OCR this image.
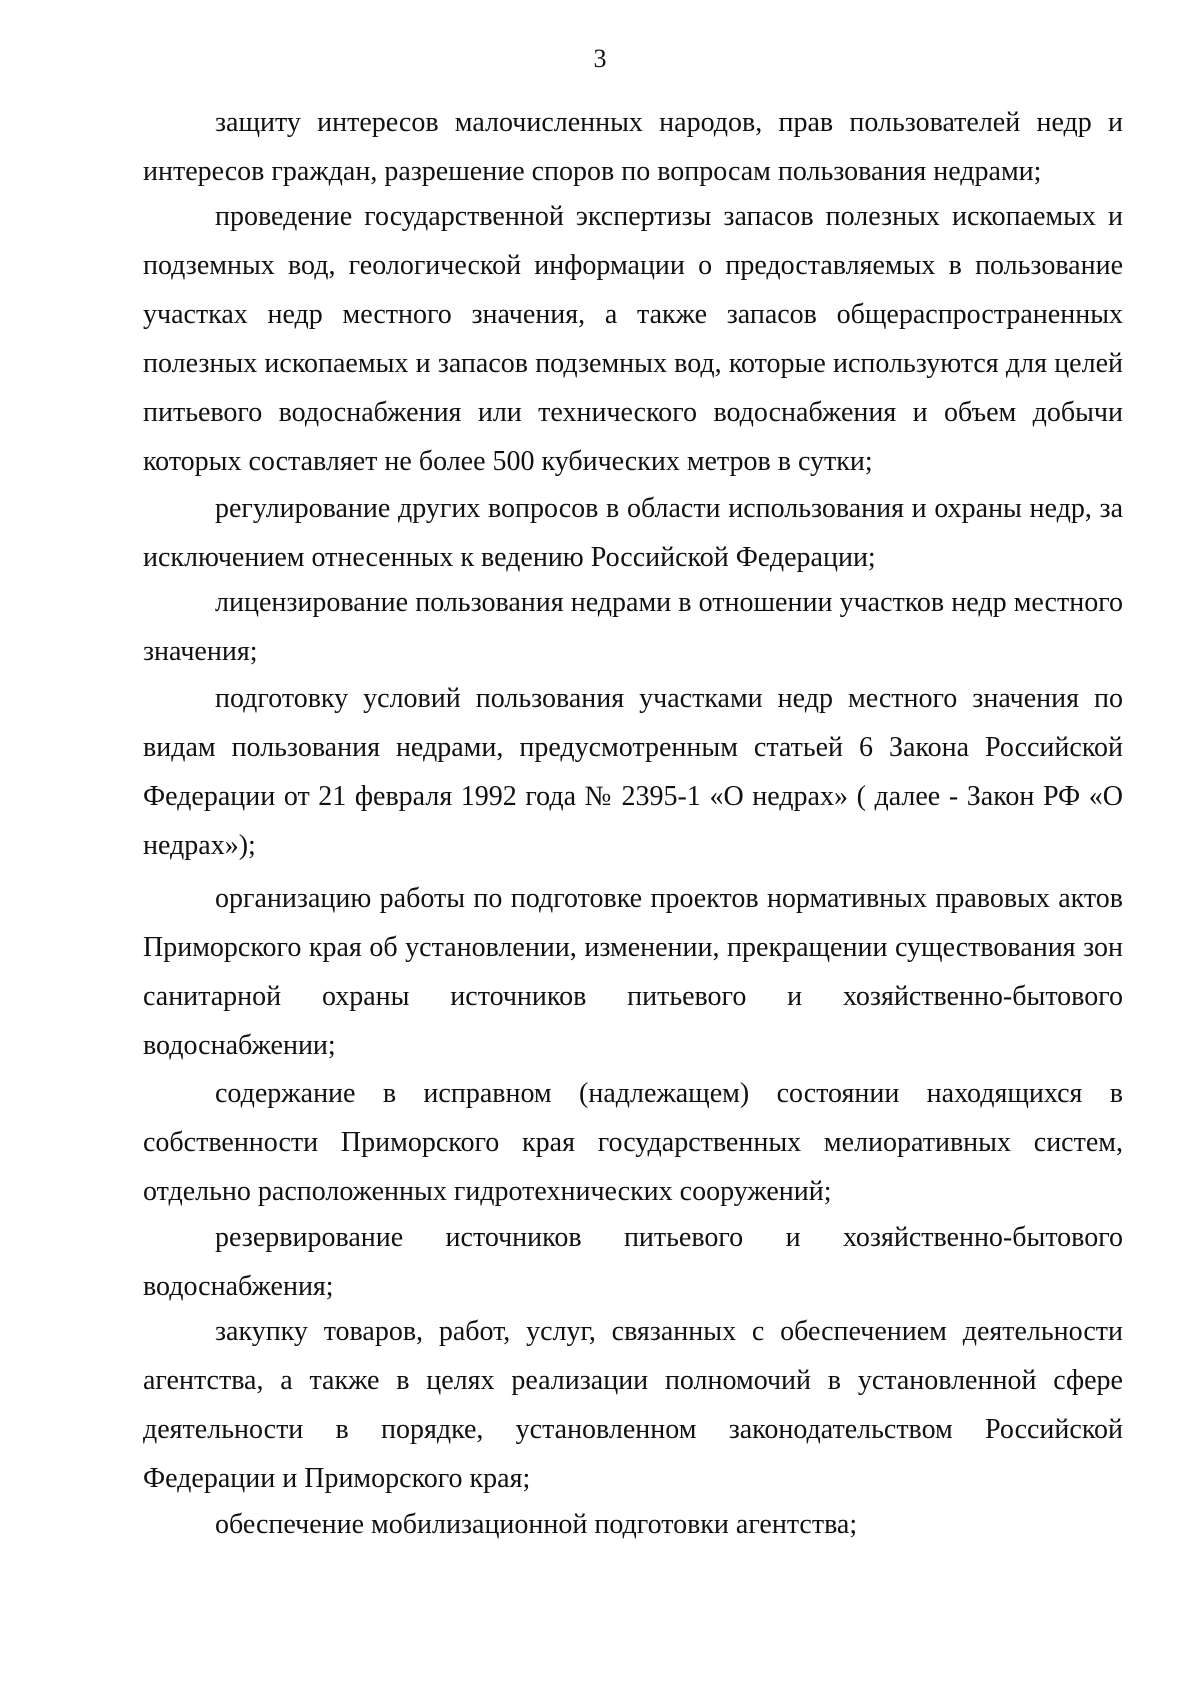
3

защиту интересов малочисленных народов, прав пользователей недр и интересов граждан, разрешение споров по вопросам пользования недрами;

проведение государственной экспертизы запасов полезных ископаемых и подземных вод, геологической информации о предоставляемых в пользование участках недр местного значения, а также запасов общераспространенных полезных ископаемых и запасов подземных вод, которые используются для целей питьевого водоснабжения или технического водоснабжения и объем добычи которых составляет не более 500 кубических метров в сутки;

регулирование других вопросов в области использования и охраны недр, за исключением отнесенных к ведению Российской Федерации;

лицензирование пользования недрами в отношении участков недр местного значения;

подготовку условий пользования участками недр местного значения по видам пользования недрами, предусмотренным статьей 6 Закона Российской Федерации от 21 февраля 1992 года № 2395-1 «О недрах» ( далее - Закон РФ «О недрах»);

организацию работы по подготовке проектов нормативных правовых актов Приморского края об установлении, изменении, прекращении существования зон санитарной охраны источников питьевого и хозяйственно-бытового водоснабжении;

содержание в исправном (надлежащем) состоянии находящихся в собственности Приморского края государственных мелиоративных систем, отдельно расположенных гидротехнических сооружений;

резервирование источников питьевого и хозяйственно-бытового водоснабжения;

закупку товаров, работ, услуг, связанных с обеспечением деятельности агентства, а также в целях реализации полномочий в установленной сфере деятельности в порядке, установленном законодательством Российской Федерации и Приморского края;

обеспечение мобилизационной подготовки агентства;
